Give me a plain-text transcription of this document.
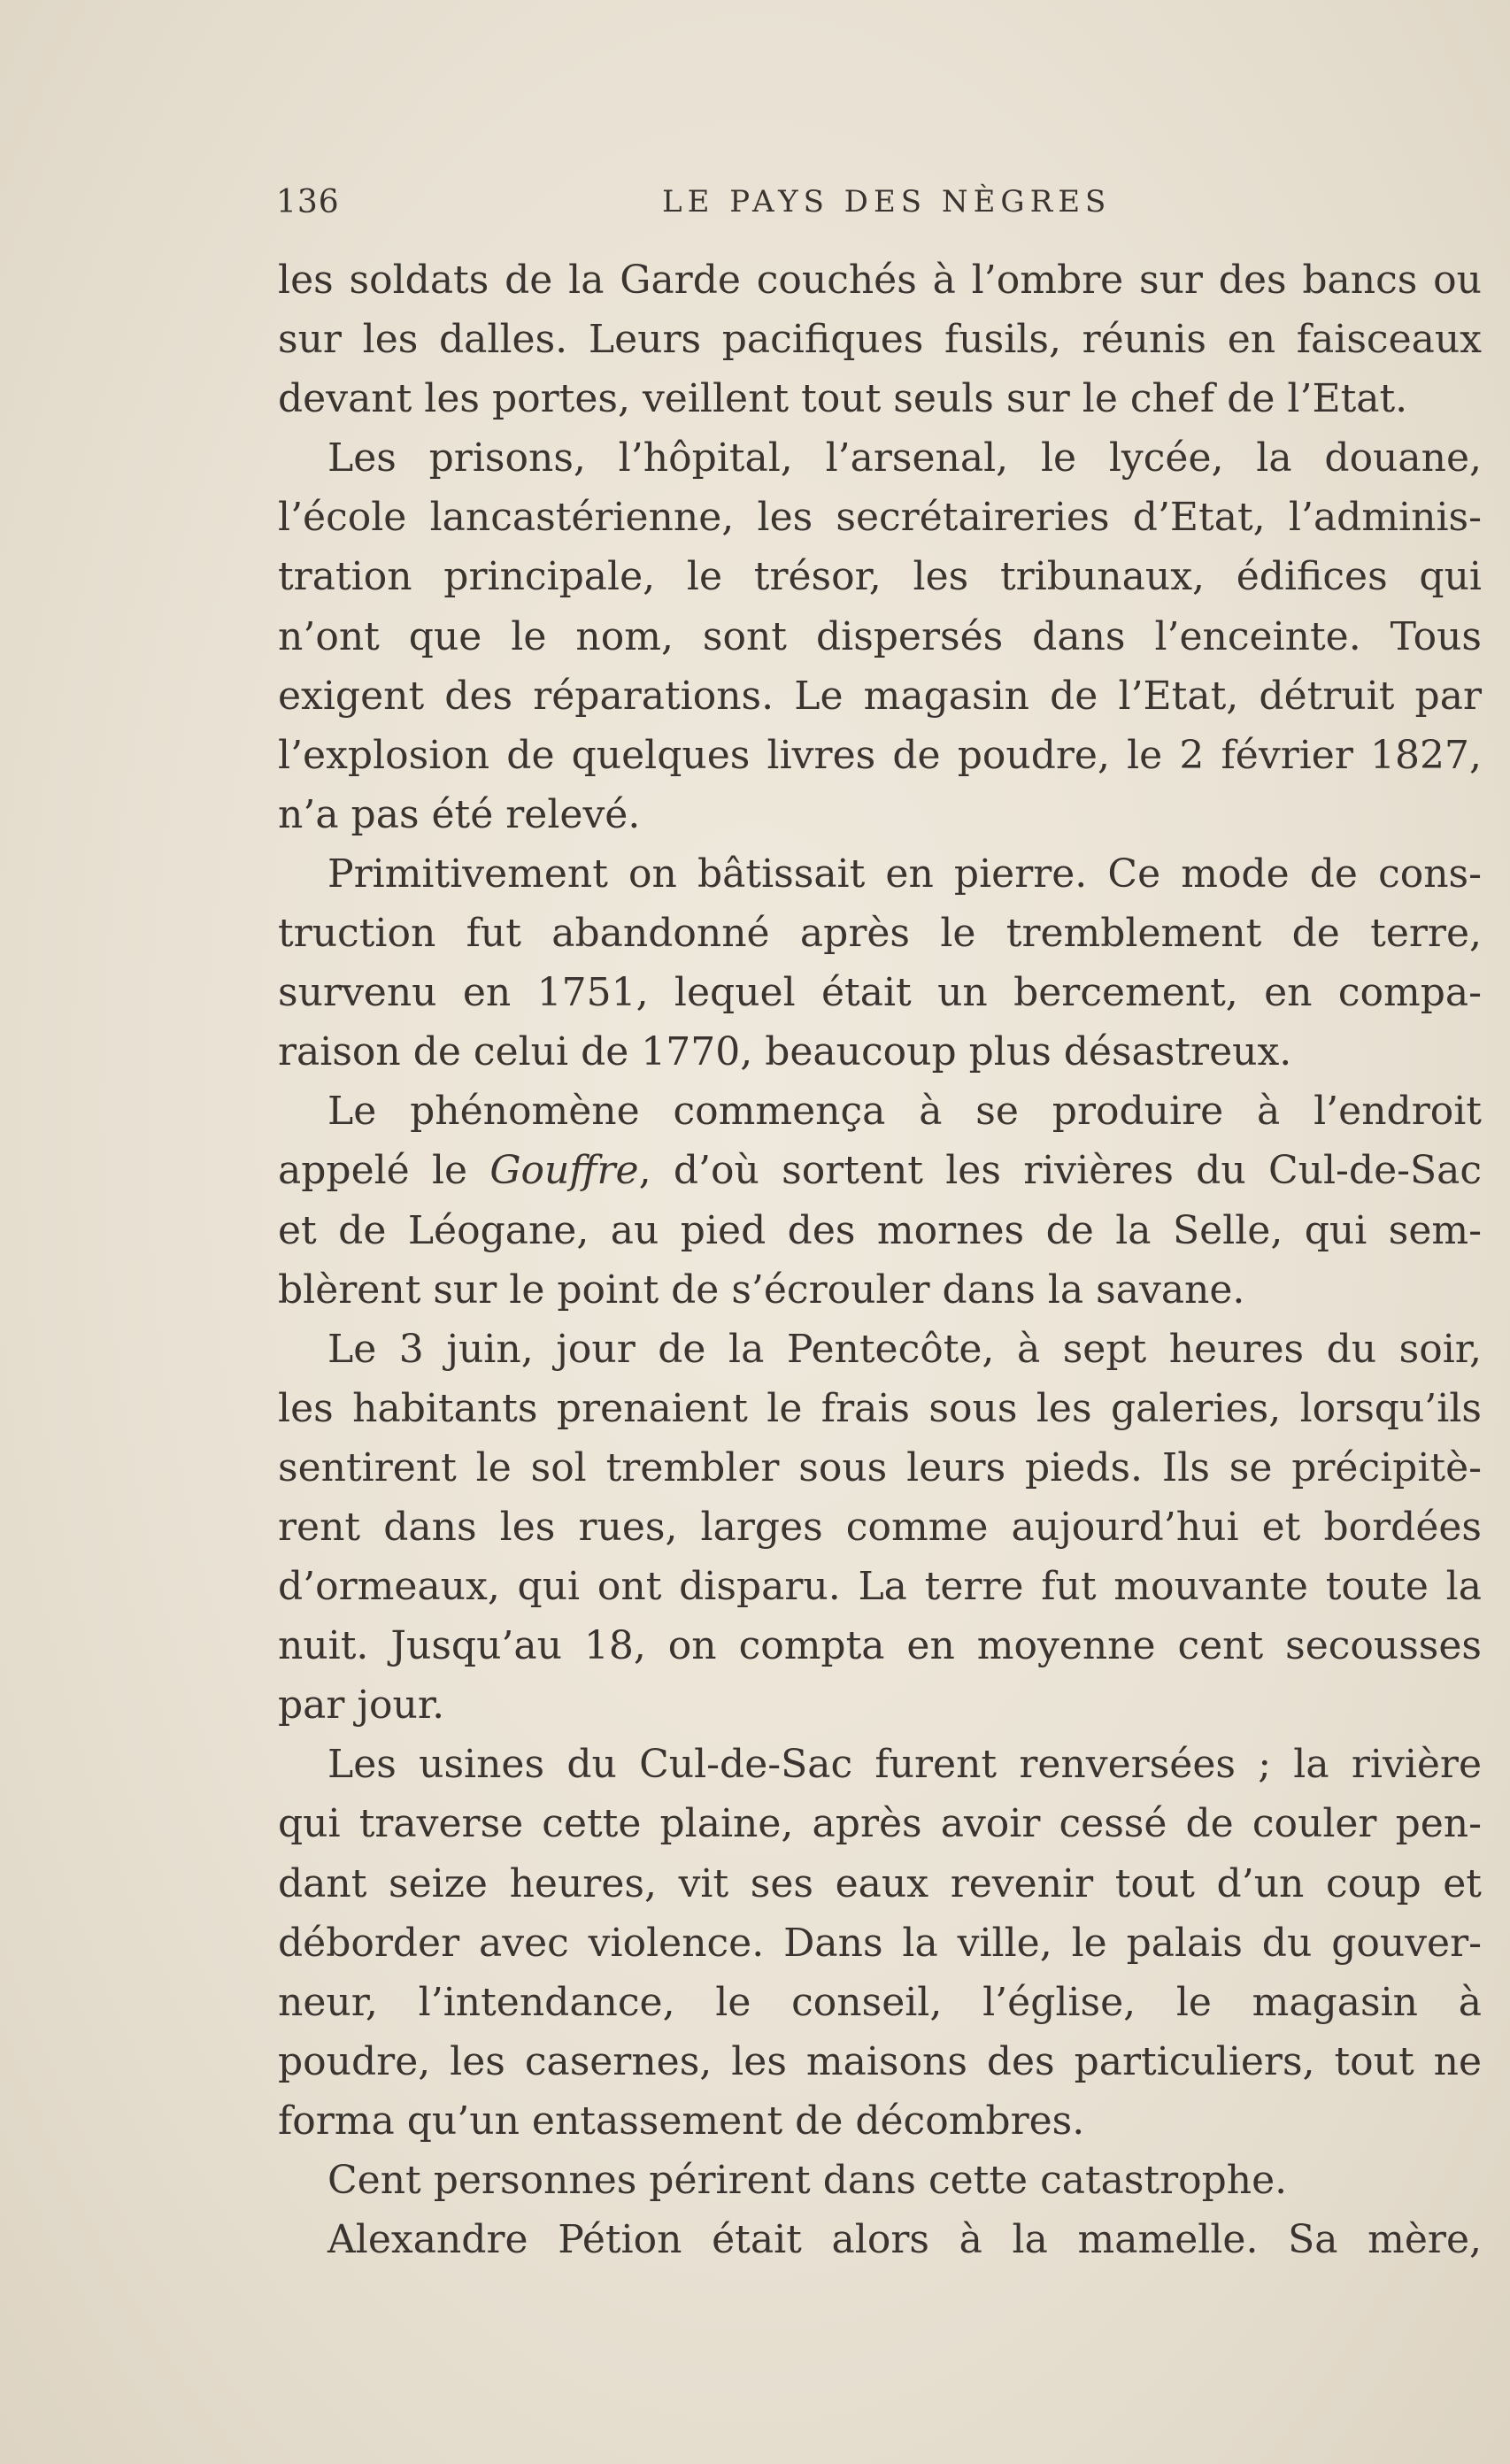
136	LE PAYS DES NÈGRES
les soldats de la Garde couchés à l’ombre sur des bancs ou
sur les dalles. Leurs pacifiques fusils, réunis en faisceaux
devant les portes, veillent tout seuls sur le chef de l’Etat.
Les prisons, l’hôpital, l’arsenal, le lycée, la douane,
l’école lancastérienne, les secrétaireries d’Etat, l’adminis-
tration principale, le trésor, les tribunaux, édifices qui
n’ont que le nom, sont dispersés dans l’enceinte. Tous
exigent des réparations. Le magasin de l’Etat, détruit par
l’explosion de quelques livres de poudre, le 2 février 1827,
n’a pas été relevé.
Primitivement on bâtissait en pierre. Ce mode de cons-
truction fut abandonné après le tremblement de terre,
survenu en 1751, lequel était un bercement, en compa-
raison de celui de 1770, beaucoup plus désastreux.
Le phénomène commença à se produire à l’endroit
appelé le Gouffre, d’où sortent les rivières du Cul-de-Sac
et de Léogane, au pied des mornes de la Selle, qui sem-
blèrent sur le point de s’écrouler dans la savane.
Le 3 juin, jour de la Pentecôte, à sept heures du soir,
les habitants prenaient le frais sous les galeries, lorsqu’ils
sentirent le sol trembler sous leurs pieds. Ils se précipitè-
rent dans les rues, larges comme aujourd’hui et bordées
d’ormeaux, qui ont disparu. La terre fut mouvante toute la
nuit. Jusqu’au 18, on compta en moyenne cent secousses
par jour.
Les usines du Cul-de-Sac furent renversées ; la rivière
qui traverse cette plaine, après avoir cessé de couler pen-
dant seize heures, vit ses eaux revenir tout d’un coup et
déborder avec violence. Dans la ville, le palais du gouver-
neur, l’intendance, le conseil, l’église, le magasin à
poudre, les casernes, les maisons des particuliers, tout ne
forma qu’un entassement de décombres.
Cent personnes périrent dans cette catastrophe.
Alexandre Pétion était alors à la mamelle. Sa mère,
